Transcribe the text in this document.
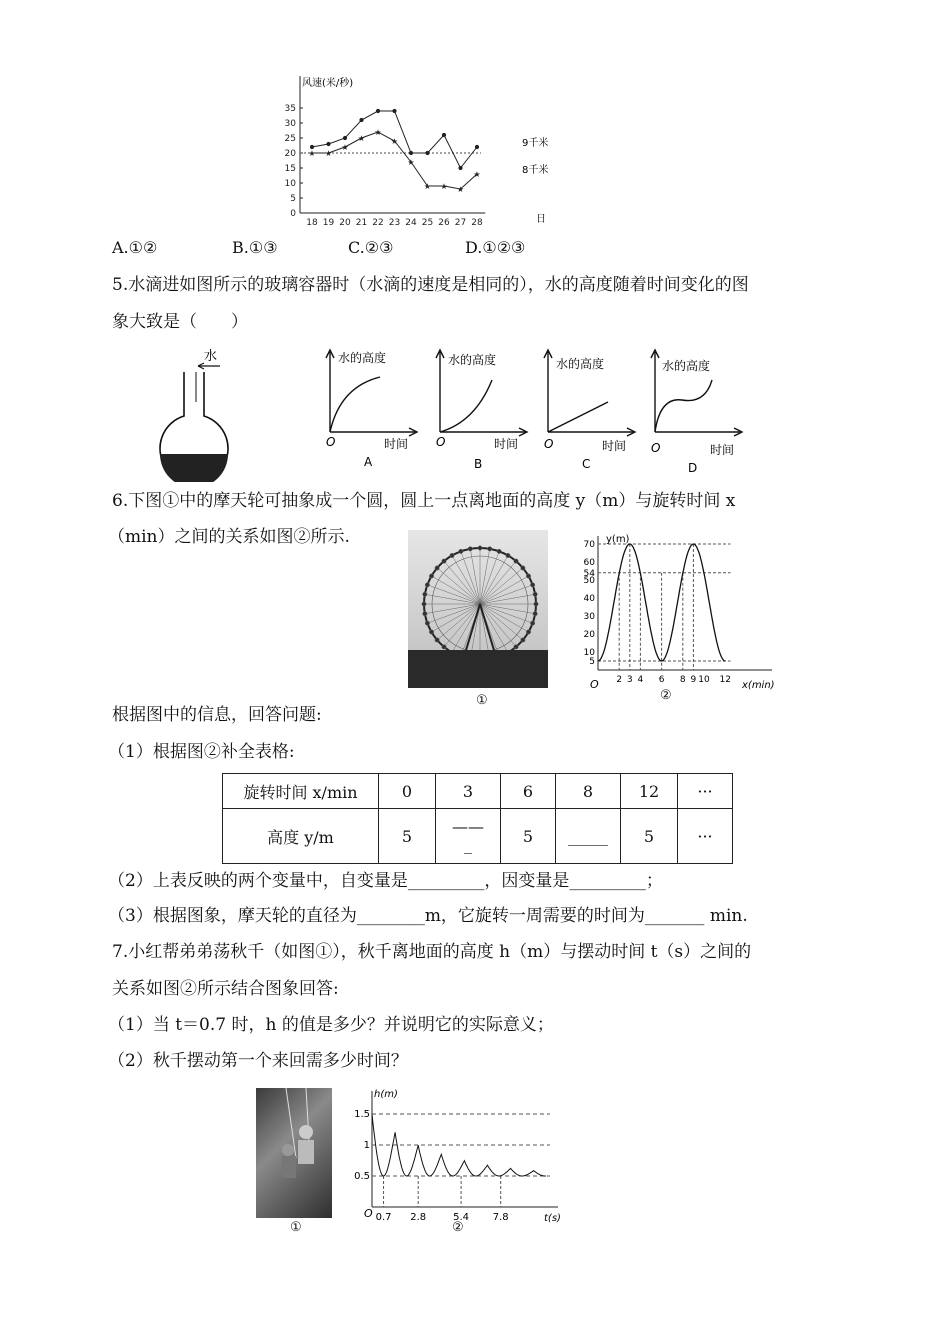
35
30
25
20
15
10
5
0
18 19 20 21 22 23 24 25 26 27 28
★ ★
★
★
★
★
★
★ ★ ★
★
风速(米/秒)
日
9千米
8千米
A.①②	B.①③	C.②③	D.①②③
5.水滴进如图所示的玻璃容器时（水滴的速度是相同的），水的高度随着时间变化的图
象大致是（　　）
水	水的高度	水的高度	水的高度	水的高度
时间	时间	时间	时间
O	O	O	O
A	B	C	D
6.下图①中的摩天轮可抽象成一个圆，圆上一点离地面的高度 y（m）与旋转时间 x
（min）之间的关系如图②所示.
①
70
60
54
50
40
30
20
10
5
2 3 4 6 8 9 10 12
y(m)
x(min)
O
②
根据图中的信息，回答问题:
（1）根据图②补全表格:
旋转时间 x/min	0	3	6	8	12	···
高度 y/m	5	——
_	5	_____	5	···
（2）上表反映的两个变量中，自变量是_________，因变量是_________；
（3）根据图象，摩天轮的直径为________m，它旋转一周需要的时间为_______ min.
7.小红帮弟弟荡秋千（如图①），秋千离地面的高度 h（m）与摆动时间 t（s）之间的
关系如图②所示结合图象回答:
（1）当 t＝0.7 时，h 的值是多少？并说明它的实际意义；
（2）秋千摆动第一个来回需多少时间？
①
1.5
1
0.5
0.7 2.8	5.4 7.8
h(m)
t(s)
O
②
